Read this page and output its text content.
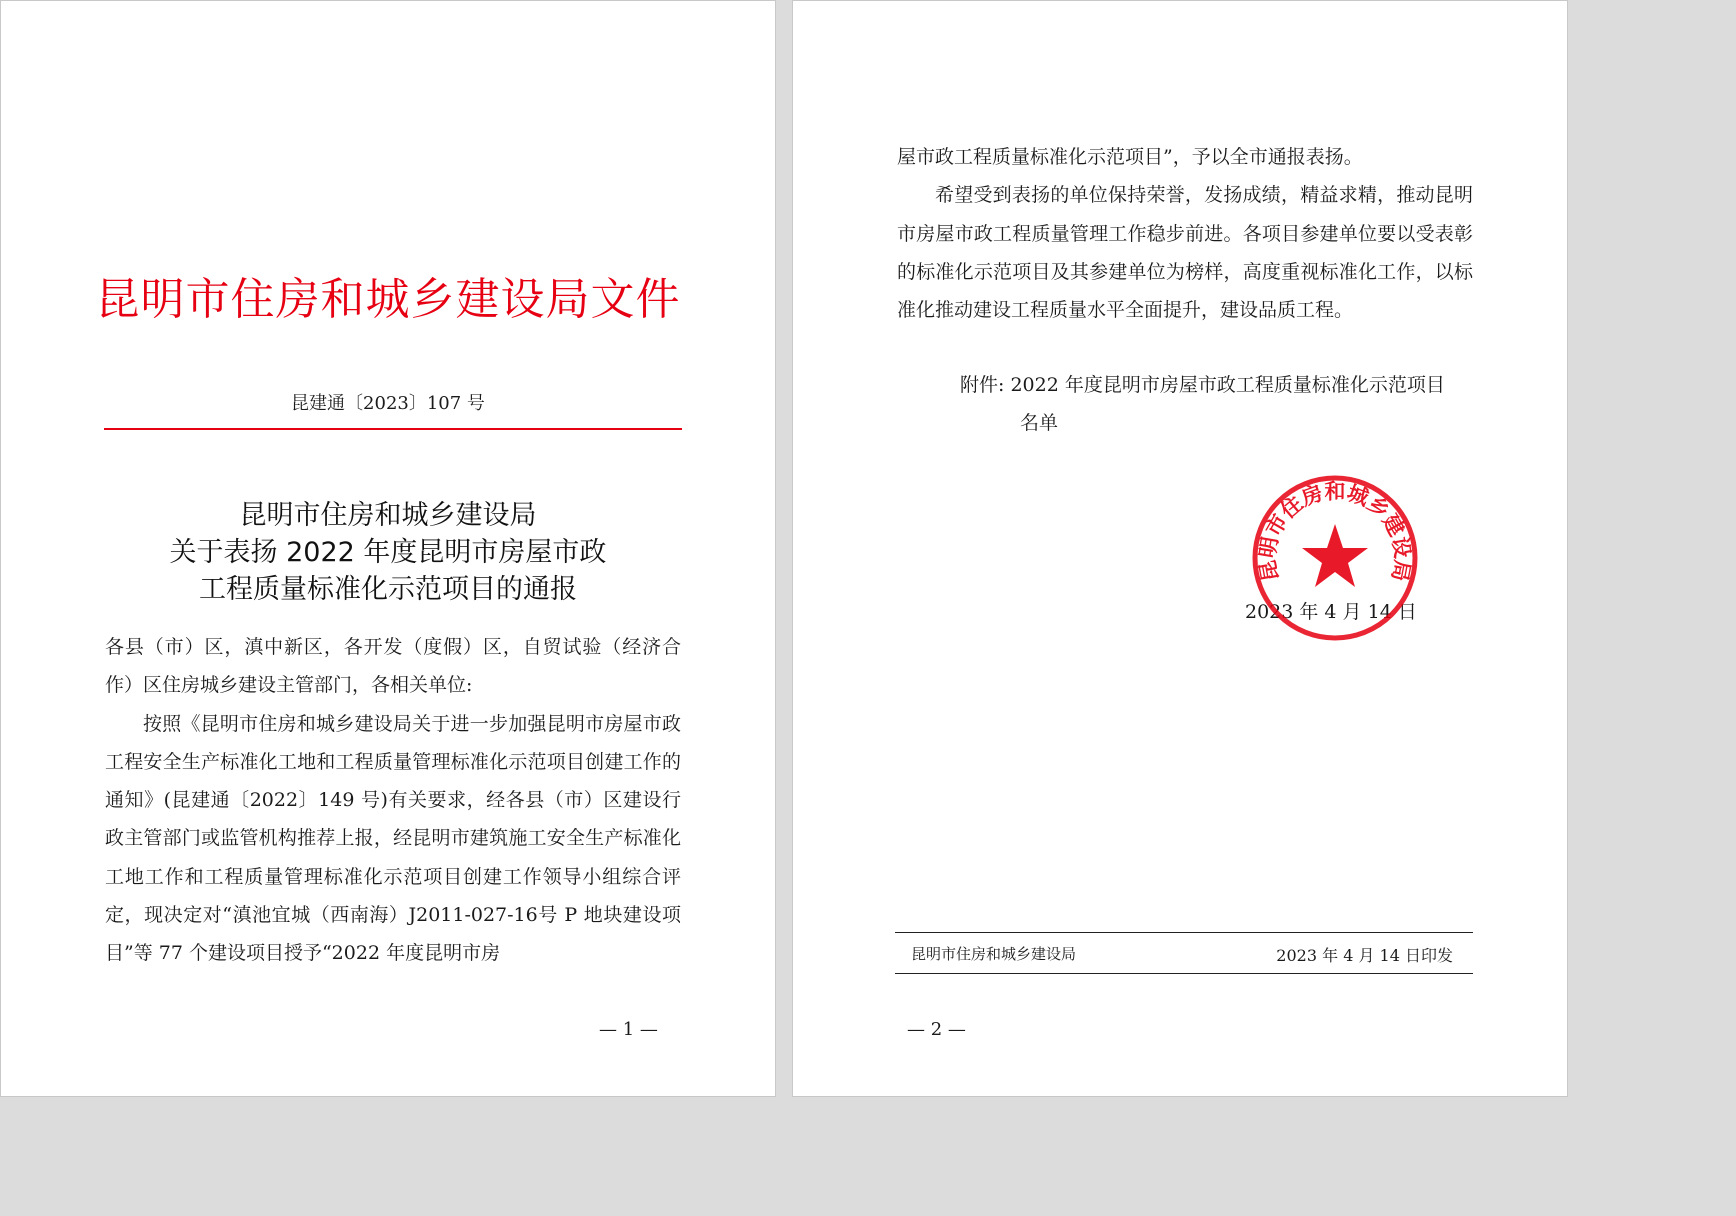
昆明市住房和城乡建设局文件
昆建通〔2023〕107 号
昆明市住房和城乡建设局
关于表扬 2022 年度昆明市房屋市政
工程质量标准化示范项目的通报

各县（市）区，滇中新区，各开发（度假）区，自贸试验（经济合作）区住房城乡建设主管部门，各相关单位:

按照《昆明市住房和城乡建设局关于进一步加强昆明市房屋市政工程安全生产标准化工地和工程质量管理标准化示范项目创建工作的通知》(昆建通〔2022〕149 号)有关要求，经各县（市）区建设行政主管部门或监管机构推荐上报，经昆明市建筑施工安全生产标准化工地工作和工程质量管理标准化示范项目创建工作领导小组综合评定，现决定对“滇池宜城（西南海）J2011-027-16号 P 地块建设项目”等 77 个建设项目授予“2022 年度昆明市房

— 1 —	— 2 —

屋市政工程质量标准化示范项目”，予以全市通报表扬。

希望受到表扬的单位保持荣誉，发扬成绩，精益求精，推动昆明市房屋市政工程质量管理工作稳步前进。各项目参建单位要以受表彰的标准化示范项目及其参建单位为榜样，高度重视标准化工作，以标准化推动建设工程质量水平全面提升，建设品质工程。

附件: 2022 年度昆明市房屋市政工程质量标准化示范项目
名单
2023 年 4 月 14 日
昆明市住房和城乡建设局
昆明市住房和城乡建设局	2023 年 4 月 14 日印发
